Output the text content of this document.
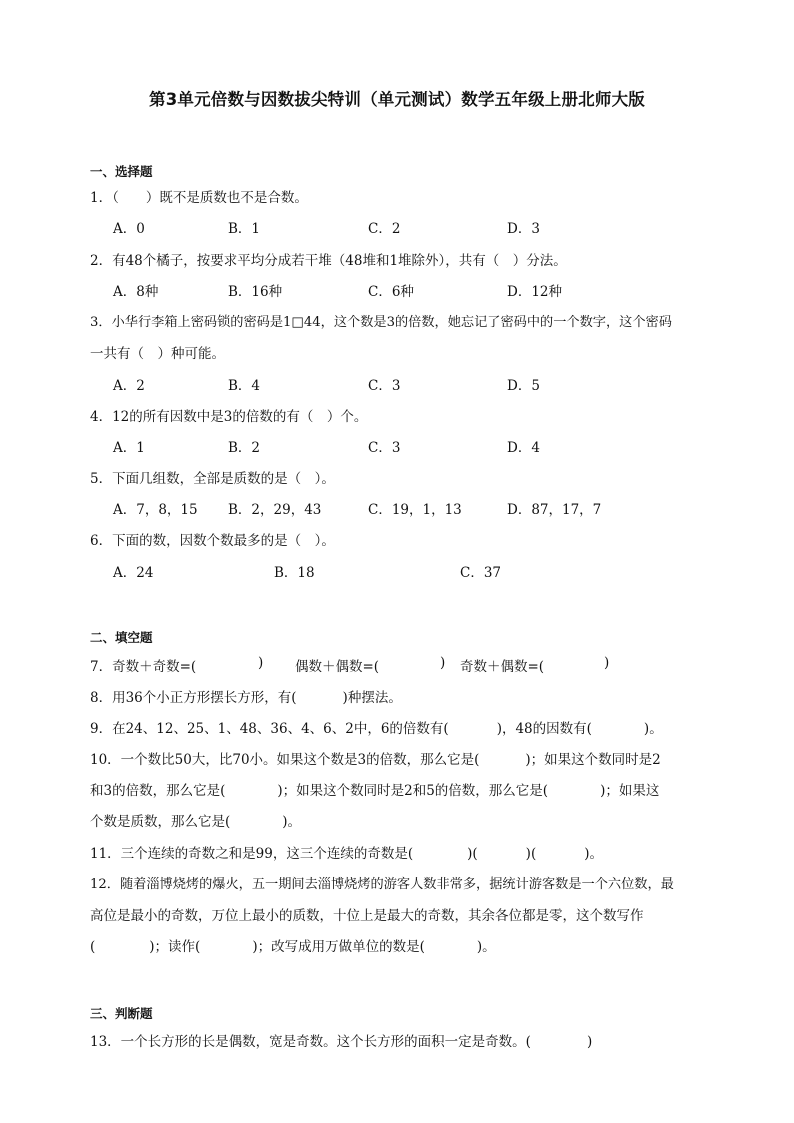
第3单元倍数与因数拔尖特训（单元测试）数学五年级上册北师大版
一、选择题
1．（　　）既不是质数也不是合数。
A．0	B．1	C．2	D．3
2．有48个橘子，按要求平均分成若干堆（48堆和1堆除外），共有（　）分法。
A．8种	B．16种	C．6种	D．12种
3．小华行李箱上密码锁的密码是1□44，这个数是3的倍数，她忘记了密码中的一个数字，这个密码
一共有（　）种可能。
A．2	B．4	C．3	D．5
4．12的所有因数中是3的倍数的有（　）个。
A．1	B．2	C．3	D．4
5．下面几组数，全部是质数的是（　）。
A．7，8，15 B．2，29，43	C．19，1，13	D．87，17，7
6．下面的数，因数个数最多的是（　）。
A．24	B．18	C．37
二、填空题
7．奇数＋奇数=(	) 偶数＋偶数=(	) 奇数＋偶数=(	)
8．用36个小正方形摆长方形，有(	)种摆法。
9．在24、12、25、1、48、36、4、6、2中，6的倍数有(	)，48的因数有(	)。
10．一个数比50大，比70小。如果这个数是3的倍数，那么它是(	)；如果这个数同时是2
和3的倍数，那么它是(	)；如果这个数同时是2和5的倍数，那么它是(	)；如果这
个数是质数，那么它是(	)。
11．三个连续的奇数之和是99，这三个连续的奇数是(	)(	)(	)。
12．随着淄博烧烤的爆火，五一期间去淄博烧烤的游客人数非常多，据统计游客数是一个六位数，最
高位是最小的奇数，万位上最小的质数，十位上是最大的奇数，其余各位都是零，这个数写作
(	)；读作(	)；改写成用万做单位的数是(	)。
三、判断题
13．一个长方形的长是偶数，宽是奇数。这个长方形的面积一定是奇数。(	)
